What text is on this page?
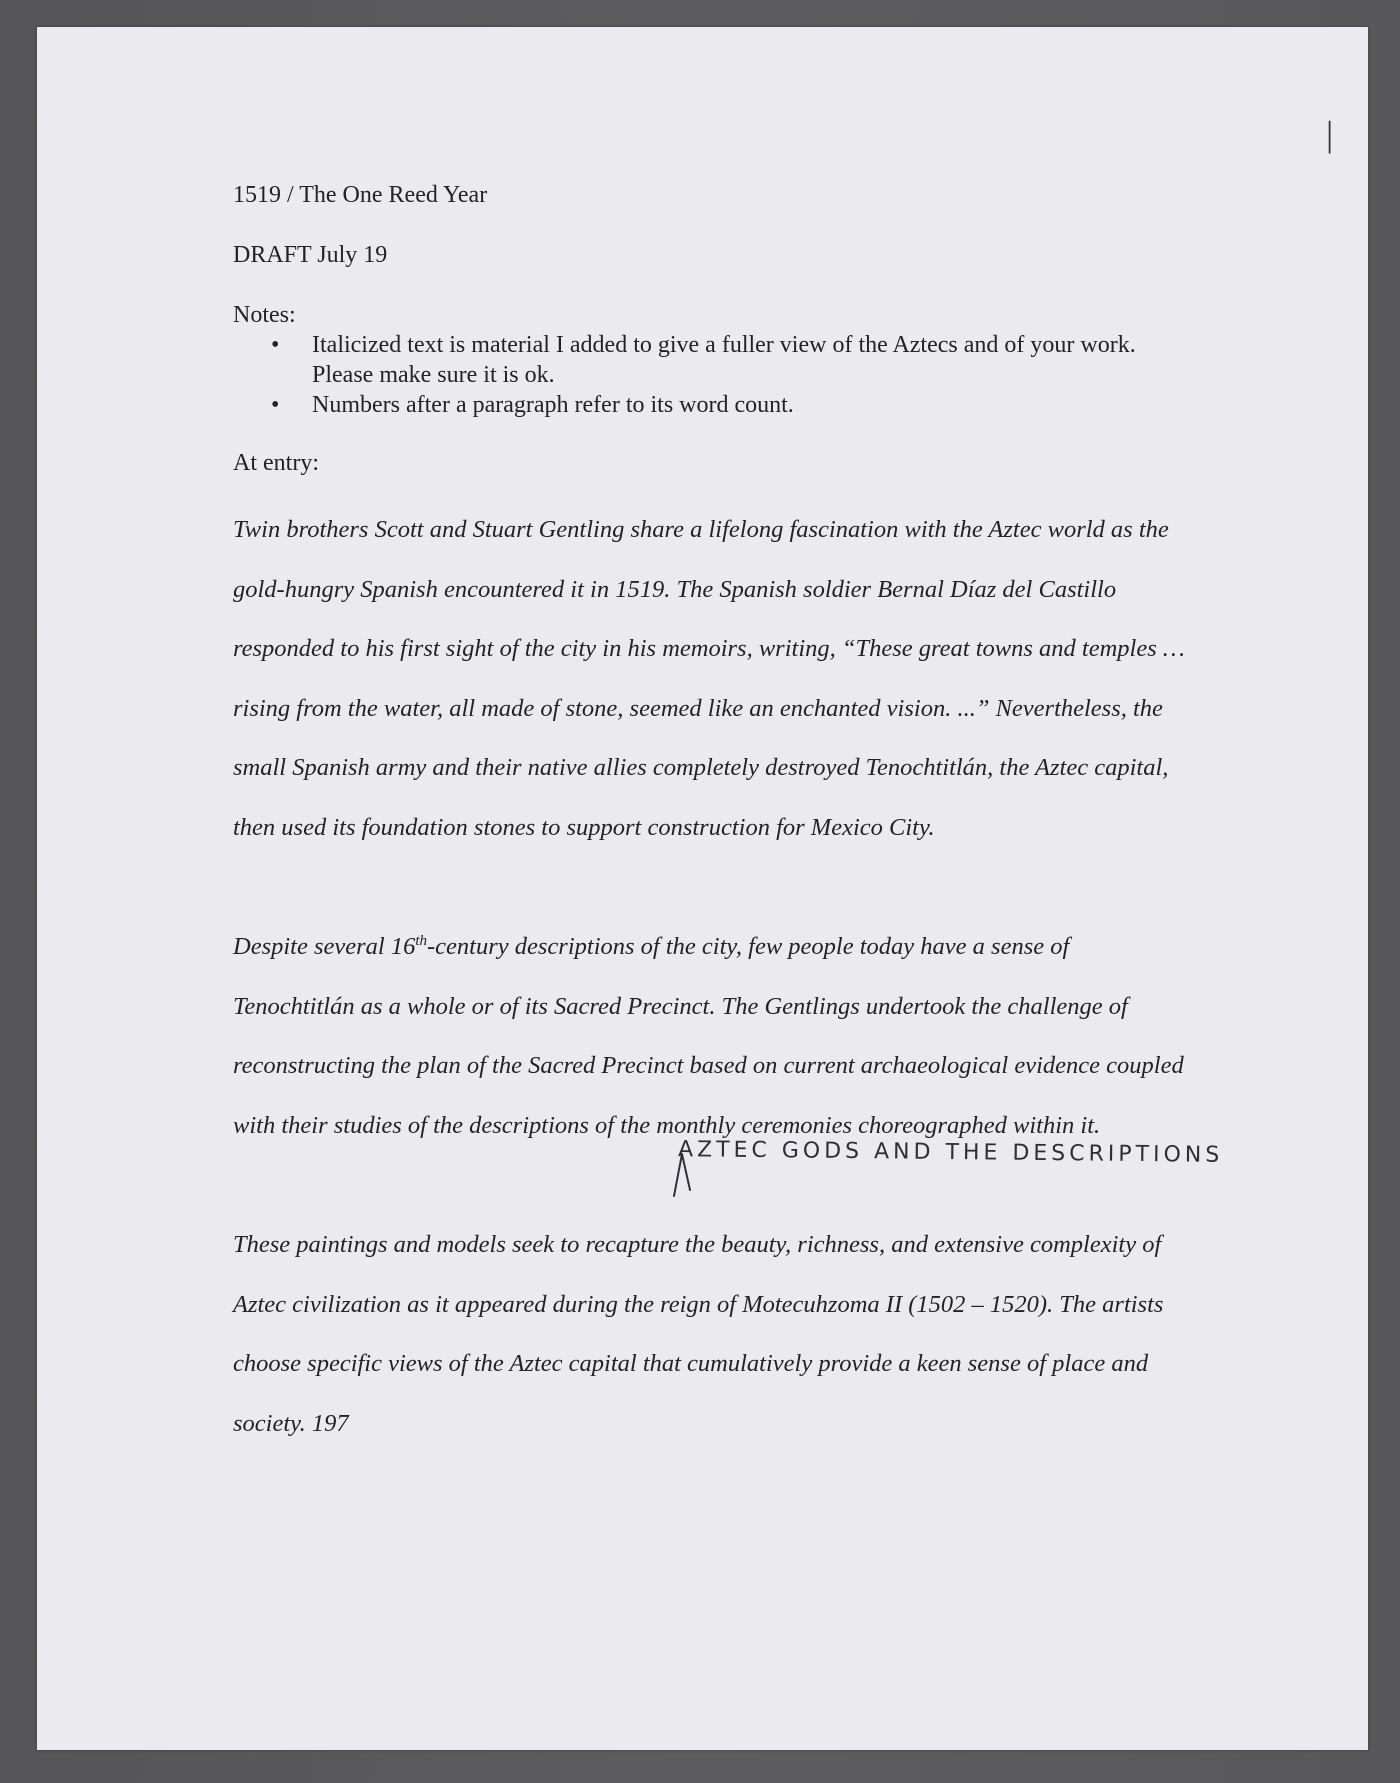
|

1519 / The One Reed Year

DRAFT July 19

Notes:

• Italicized text is material I added to give a fuller view of the Aztecs and of your work. Please make sure it is ok.
• Numbers after a paragraph refer to its word count.

At entry:

Twin brothers Scott and Stuart Gentling share a lifelong fascination with the Aztec world as the gold-hungry Spanish encountered it in 1519. The Spanish soldier Bernal Díaz del Castillo responded to his first sight of the city in his memoirs, writing, “These great towns and temples … rising from the water, all made of stone, seemed like an enchanted vision. ...” Nevertheless, the small Spanish army and their native allies completely destroyed Tenochtitlán, the Aztec capital, then used its foundation stones to support construction for Mexico City.

Despite several 16th-century descriptions of the city, few people today have a sense of Tenochtitlán as a whole or of its Sacred Precinct. The Gentlings undertook the challenge of reconstructing the plan of the Sacred Precinct based on current archaeological evidence coupled with their studies of the descriptions of the monthly ceremonies choreographed within it.

These paintings and models seek to recapture the beauty, richness, and extensive complexity of Aztec civilization as it appeared during the reign of Motecuhzoma II (1502 – 1520). The artists choose specific views of the Aztec capital that cumulatively provide a keen sense of place and society. 197

AZTEC GODS AND THE DESCRIPTIONS
